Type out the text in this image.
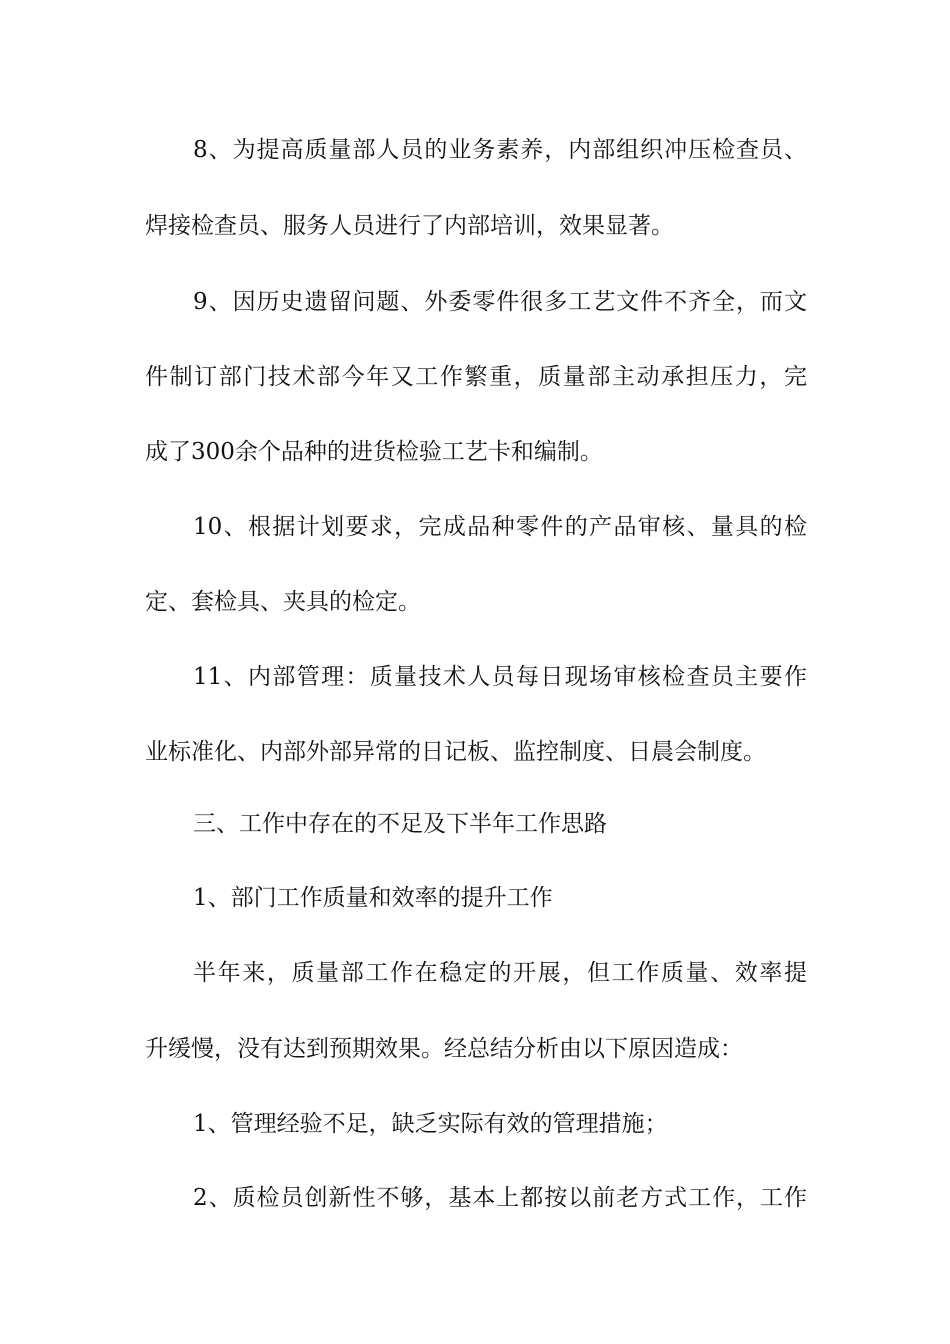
8、为提高质量部人员的业务素养，内部组织冲压检查员、
焊接检查员、服务人员进行了内部培训，效果显著。
9、因历史遗留问题、外委零件很多工艺文件不齐全，而文
件制订部门技术部今年又工作繁重，质量部主动承担压力，完
成了300余个品种的进货检验工艺卡和编制。
10、根据计划要求，完成品种零件的产品审核、量具的检
定、套检具、夹具的检定。
11、内部管理：质量技术人员每日现场审核检查员主要作
业标准化、内部外部异常的日记板、监控制度、日晨会制度。
三、工作中存在的不足及下半年工作思路
1、部门工作质量和效率的提升工作
半年来，质量部工作在稳定的开展，但工作质量、效率提
升缓慢，没有达到预期效果。经总结分析由以下原因造成：
1、管理经验不足，缺乏实际有效的管理措施；
2、质检员创新性不够，基本上都按以前老方式工作，工作
